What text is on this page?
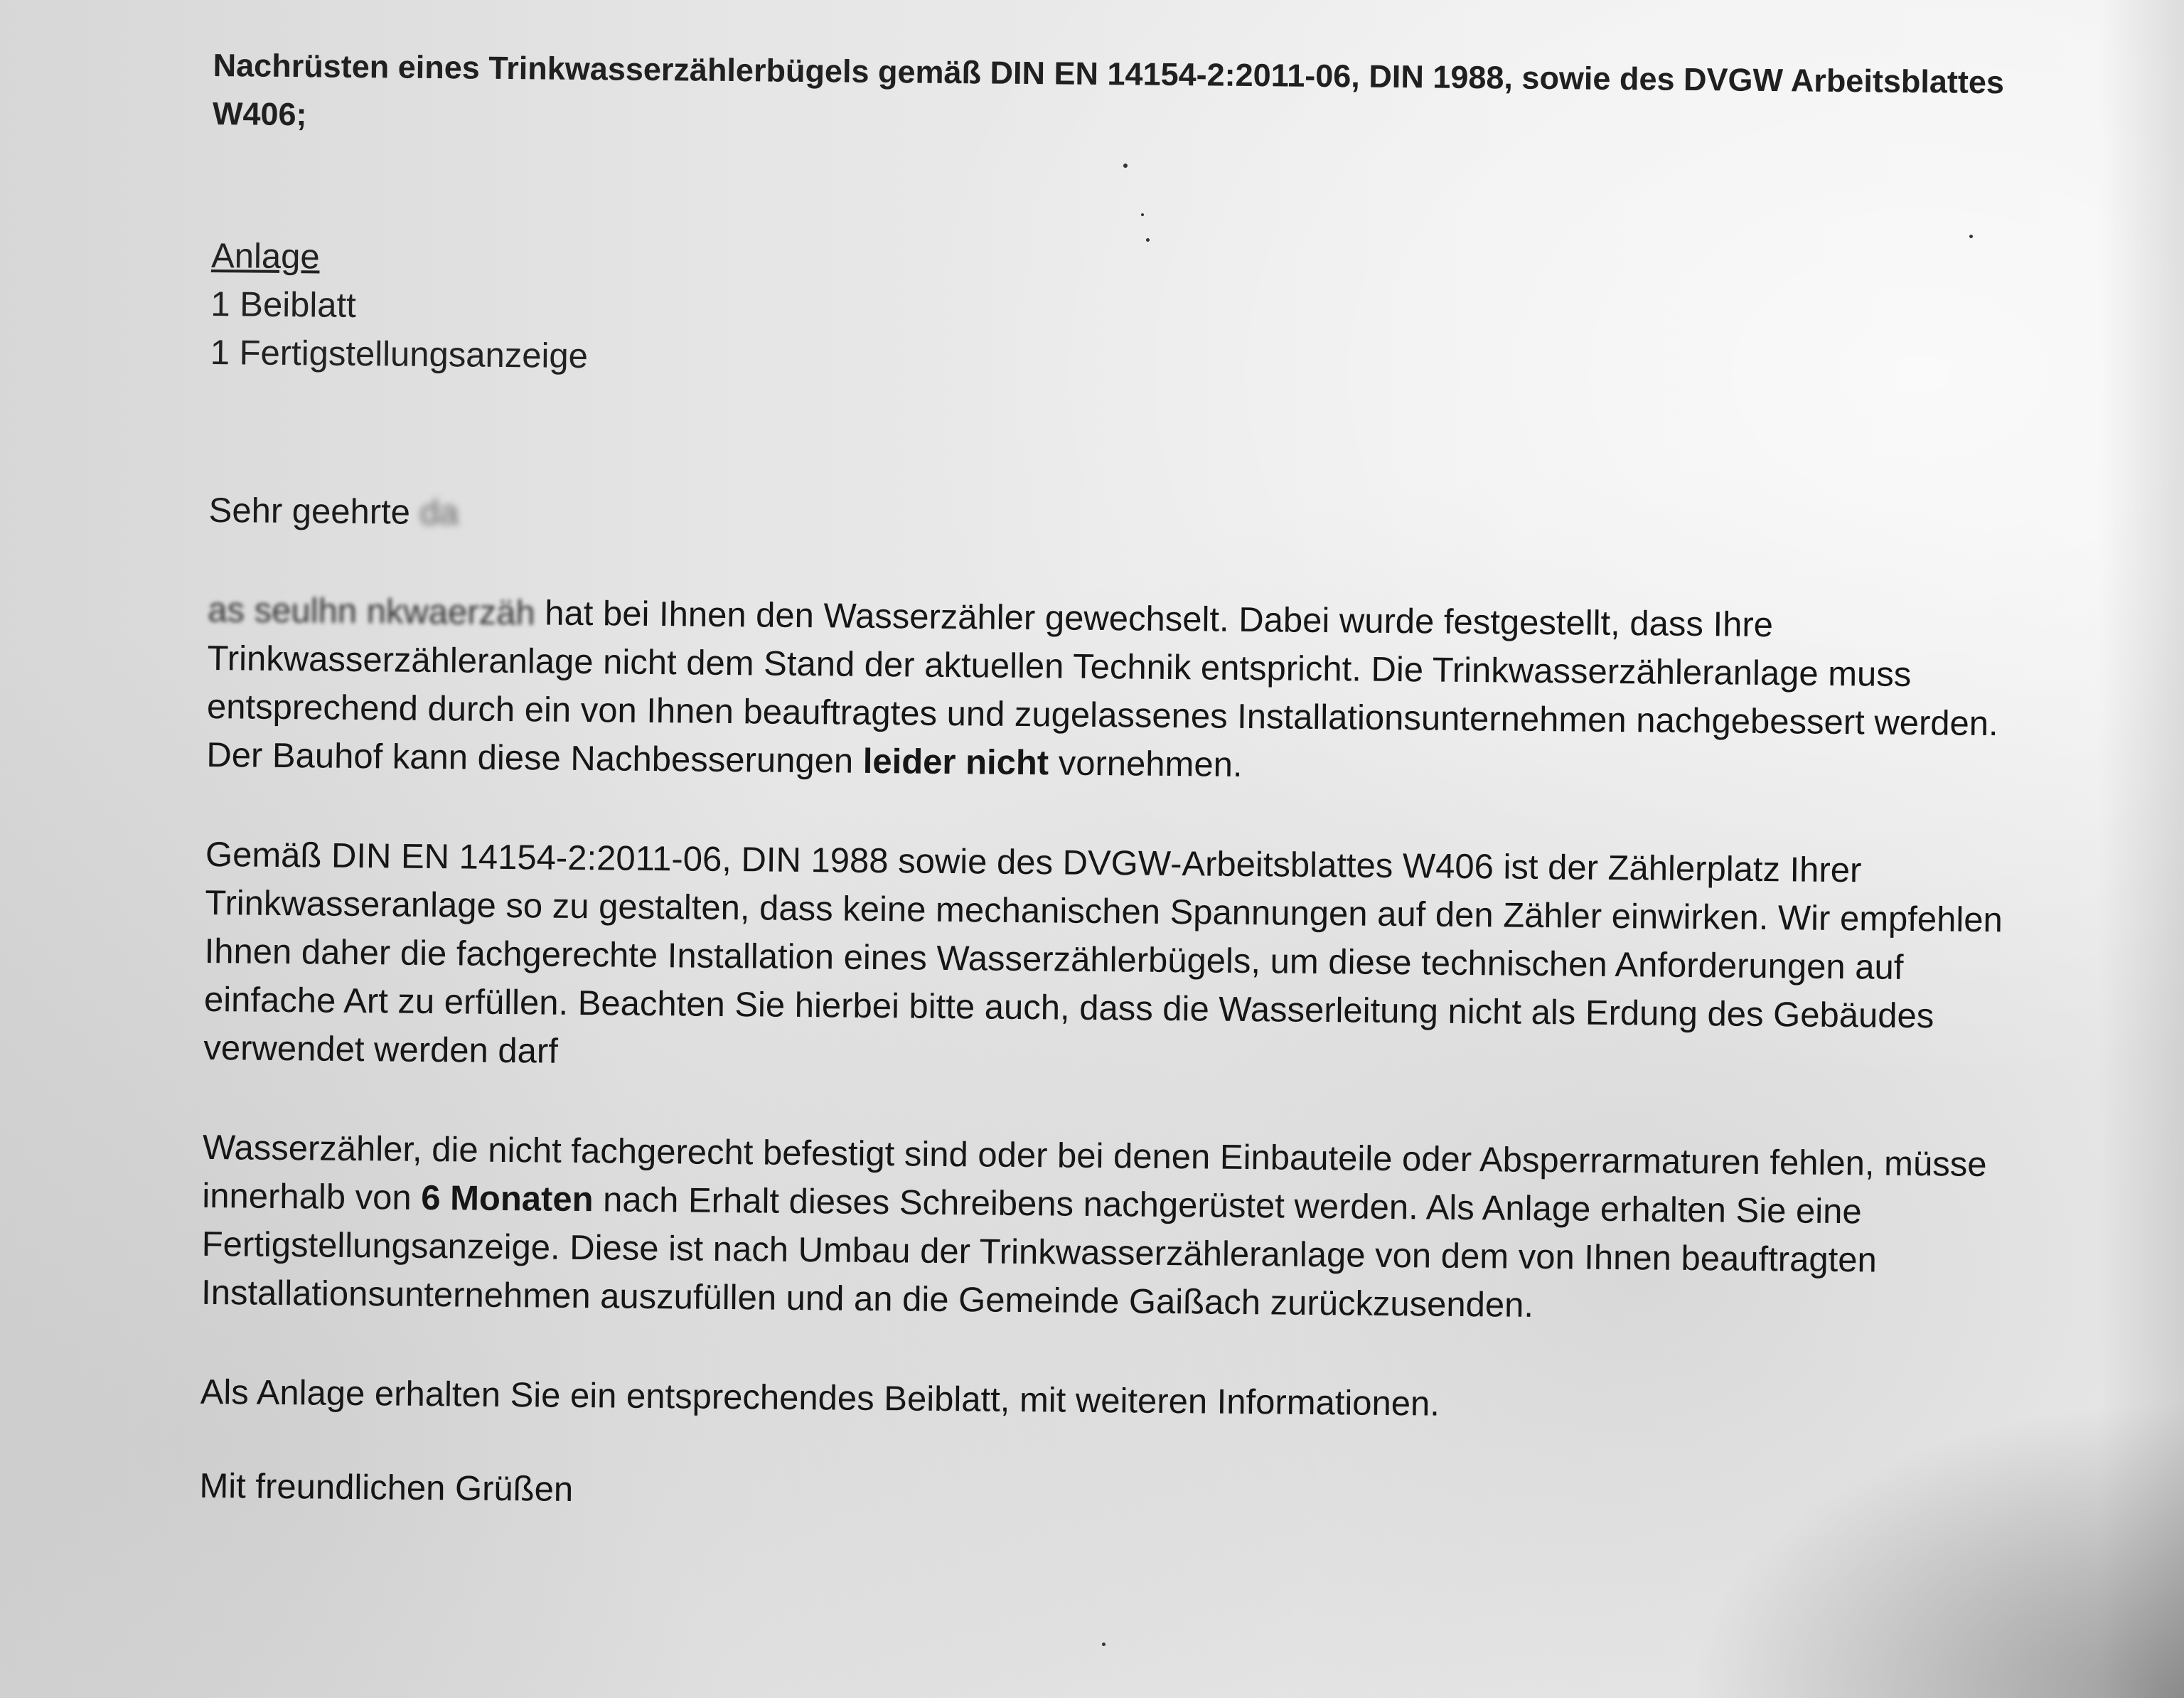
Nachrüsten eines Trinkwasserzählerbügels gemäß DIN EN 14154-2:2011-06, DIN 1988, sowie des DVGW Arbeitsblattes W406;
Anlage
1 Beiblatt
1 Fertigstellungsanzeige
Sehr geehrte da
as seulhn nkwaerzäh hat bei Ihnen den Wasserzähler gewechselt. Dabei wurde festgestellt, dass Ihre Trinkwasserzähleranlage nicht dem Stand der aktuellen Technik entspricht. Die Trinkwasserzähleranlage muss entsprechend durch ein von Ihnen beauftragtes und zugelassenes Installationsunternehmen nachgebessert werden. Der Bauhof kann diese Nachbesserungen leider nicht vornehmen.
Gemäß DIN EN 14154-2:2011-06, DIN 1988 sowie des DVGW-Arbeitsblattes W406 ist der Zählerplatz Ihrer Trinkwasseranlage so zu gestalten, dass keine mechanischen Spannungen auf den Zähler einwirken. Wir empfehlen Ihnen daher die fachgerechte Installation eines Wasserzählerbügels, um diese technischen Anforderungen auf einfache Art zu erfüllen. Beachten Sie hierbei bitte auch, dass die Wasserleitung nicht als Erdung des Gebäudes verwendet werden darf
Wasserzähler, die nicht fachgerecht befestigt sind oder bei denen Einbauteile oder Absperrarmaturen fehlen, müsse innerhalb von 6 Monaten nach Erhalt dieses Schreibens nachgerüstet werden. Als Anlage erhalten Sie eine Fertigstellungsanzeige. Diese ist nach Umbau der Trinkwasserzähleranlage von dem von Ihnen beauftragten Installationsunternehmen auszufüllen und an die Gemeinde Gaißach zurückzusenden.
Als Anlage erhalten Sie ein entsprechendes Beiblatt, mit weiteren Informationen.
Mit freundlichen Grüßen
